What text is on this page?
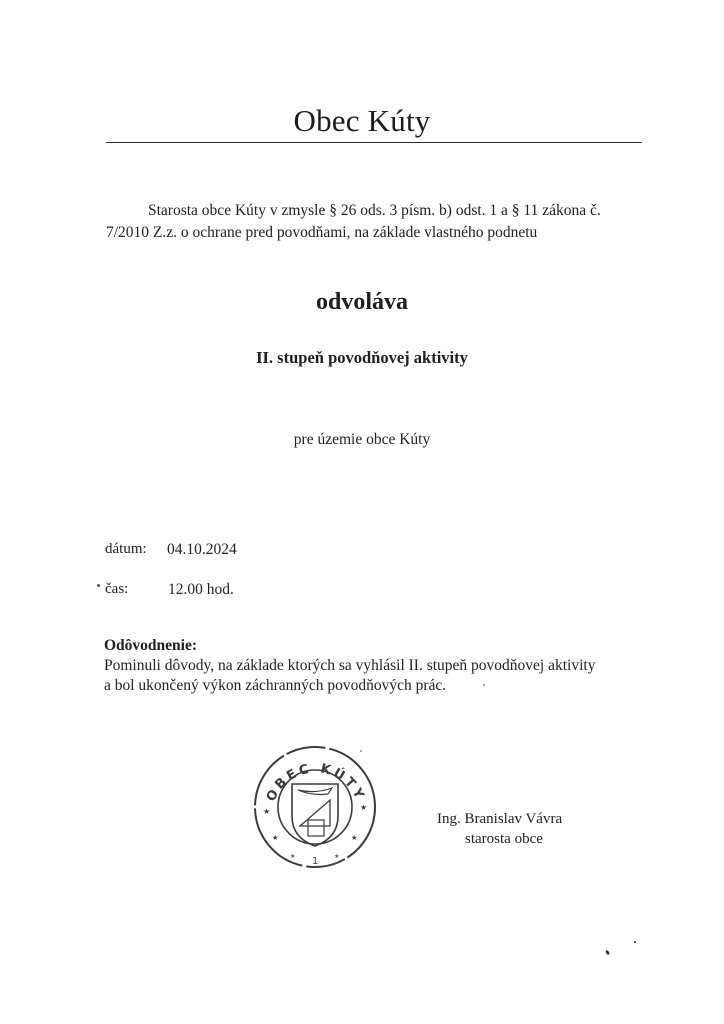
Obec Kúty
Starosta obce Kúty v zmysle § 26 ods. 3 písm. b) odst. 1 a § 11 zákona č.
7/2010 Z.z. o ochrane pred povodňami, na základe vlastného podnetu
odvoláva
II. stupeň povodňovej aktivity
pre územie obce Kúty
dátum: 04.10.2024
čas:	12.00 hod.
Odôvodnenie:
Pominuli dôvody, na základe ktorých sa vyhlásil II. stupeň povodňovej aktivity
a bol ukončený výkon záchranných povodňových prác.
OBEC KÚTY
★	★
★	★
★	★
1
Ing. Branislav Vávra
starosta obce
